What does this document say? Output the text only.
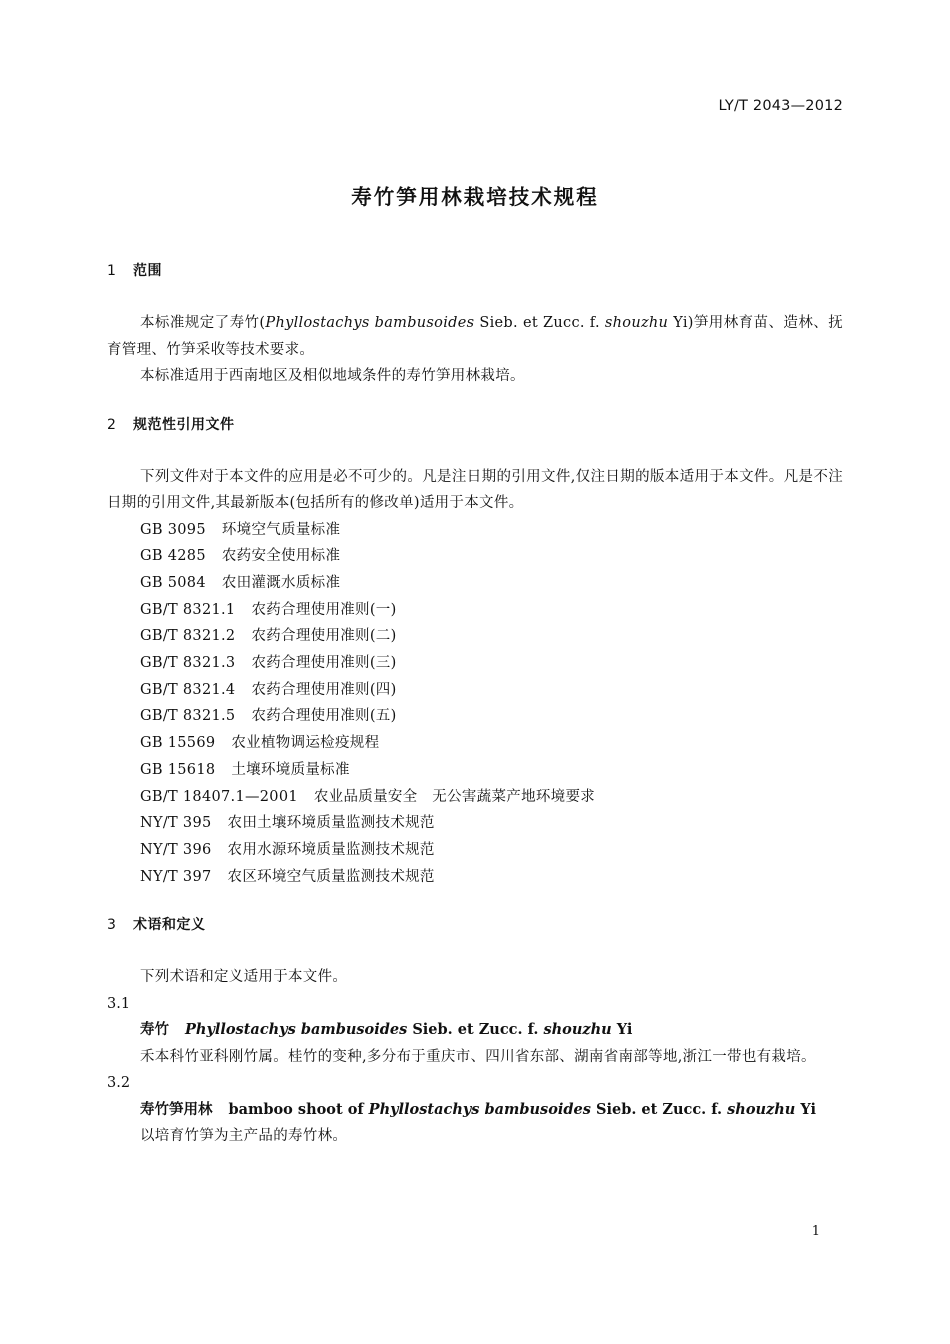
LY/T 2043—2012
寿竹笋用林栽培技术规程
1 范围

本标准规定了寿竹(Phyllostachys bambusoides Sieb. et Zucc. f. shouzhu Yi)笋用林育苗、造林、抚育管理、竹笋采收等技术要求。

本标准适用于西南地区及相似地域条件的寿竹笋用林栽培。

2 规范性引用文件

下列文件对于本文件的应用是必不可少的。凡是注日期的引用文件,仅注日期的版本适用于本文件。凡是不注日期的引用文件,其最新版本(包括所有的修改单)适用于本文件。

GB 3095 环境空气质量标准

GB 4285 农药安全使用标准

GB 5084 农田灌溉水质标准

GB/T 8321.1 农药合理使用准则(一)

GB/T 8321.2 农药合理使用准则(二)

GB/T 8321.3 农药合理使用准则(三)

GB/T 8321.4 农药合理使用准则(四)

GB/T 8321.5 农药合理使用准则(五)

GB 15569 农业植物调运检疫规程

GB 15618 土壤环境质量标准

GB/T 18407.1—2001 农业品质量安全　无公害蔬菜产地环境要求

NY/T 395 农田土壤环境质量监测技术规范

NY/T 396 农用水源环境质量监测技术规范

NY/T 397 农区环境空气质量监测技术规范

3 术语和定义

下列术语和定义适用于本文件。

3.1

寿竹 Phyllostachys bambusoides Sieb. et Zucc. f. shouzhu Yi

禾本科竹亚科刚竹属。桂竹的变种,多分布于重庆市、四川省东部、湖南省南部等地,浙江一带也有栽培。

3.2

寿竹笋用林 bamboo shoot of Phyllostachys bambusoides Sieb. et Zucc. f. shouzhu Yi

以培育竹笋为主产品的寿竹林。

1
